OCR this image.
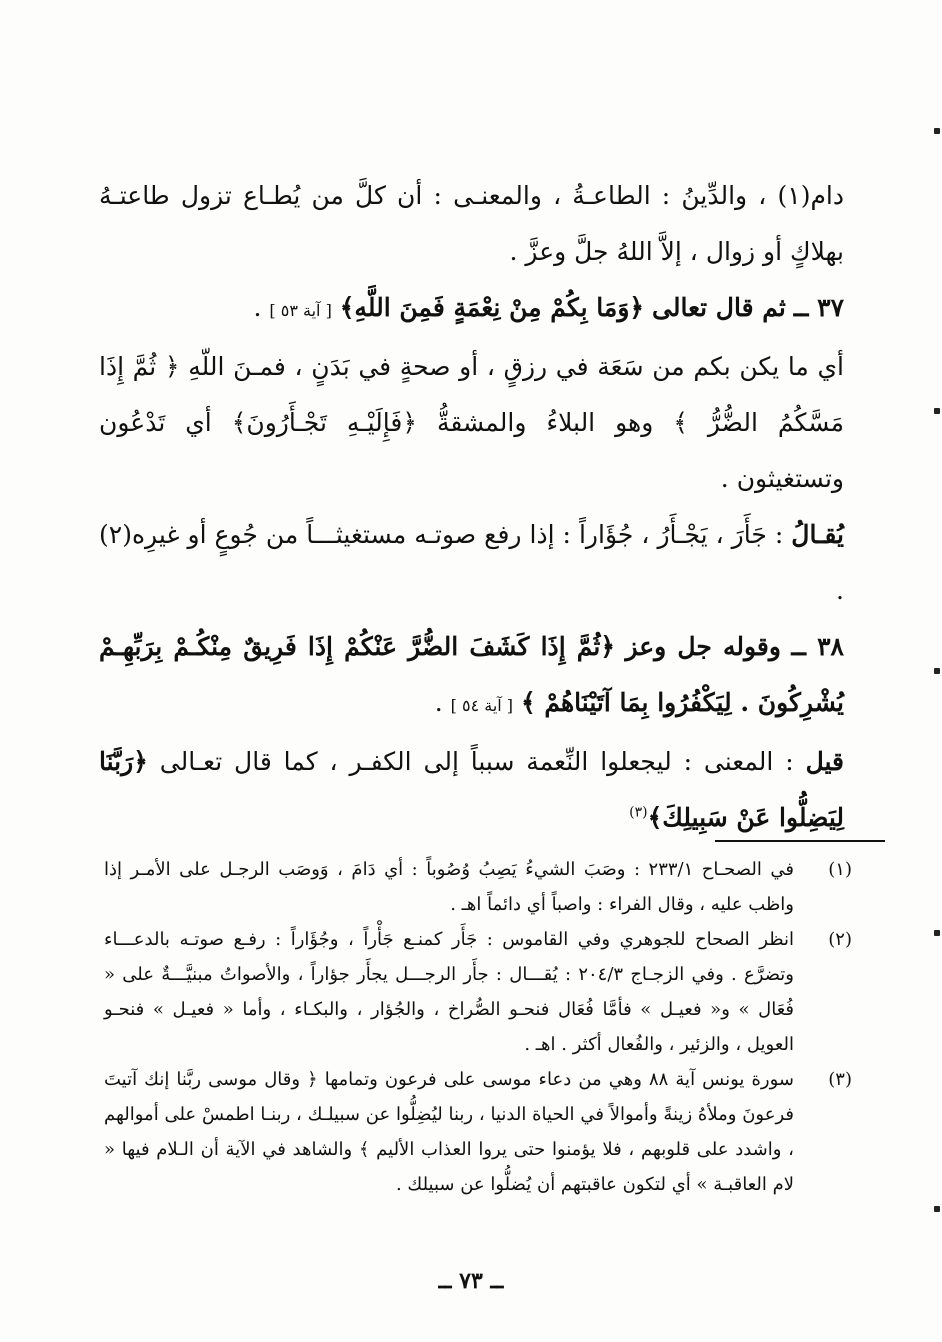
دام(١) ، والدِّينُ : الطاعـةُ ، والمعنـى : أن كلَّ من يُطـاع تزول طاعتـهُ بهلاكٍ أو زوال ، إلاَّ اللهُ جلَّ وعزَّ .

٣٧ ــ ثم قال تعالى ﴿وَمَا بِكُمْ مِنْ نِعْمَةٍ فَمِنَ اللَّهِ﴾ [ آية ٥٣ ] .

أي ما يكن بكم من سَعَة في رزقٍ ، أو صحةٍ في بَدَنٍ ، فمـنَ اللّهِ ﴿ ثُمَّ إِذَا مَسَّكُمُ الضُّرُّ ﴾ وهو البلاءُ والمشقةُّ ﴿فَإِلَيْـهِ تَجْـأَرُونَ﴾ أي تَدْعُون وتستغيثون .

يُقـالُ : جَأَرَ ، يَجْـأَرُ ، جُؤَاراً : إذا رفع صوتـه مستغيثـــاً من جُوعٍ أو غيرِه(٢) .

٣٨ ــ وقوله جل وعز ﴿ثُمَّ إِذَا كَشَفَ الضُّرَّ عَنْكُمْ إِذَا فَرِيقٌ مِنْكُـمْ بِرَبِّهِـمْ يُشْرِكُونَ . لِيَكْفُرُوا بِمَا آتَيْنَاهُمْ ﴾ [ آية ٥٤ ] .

قيل : المعنى : ليجعلوا النِّعمة سبباً إلى الكفـر ، كما قال تعـالى ﴿رَبَّنَا لِيَضِلُّوا عَنْ سَبِيلِكَ﴾$^{(٣)}$

(١)
في الصحـاح ٢٣٣/١ : وصَبَ الشيءُ يَصِبُ وُصُوباً : أي دَامَ ، وَوصَب الرجـل على الأمـر إذا واظب عليه ، وقال الفراء : واصباً أي دائماً اهـ .
(٢)
انظر الصحاح للجوهري وفي القاموس : جَأَر كمنـع جَأْراً ، وجُؤَاراً : رفـع صوتـه بالدعـــاء وتضرَّع . وفي الزجـاج ٢٠٤/٣ : يُقـــال : جأَر الرجـــل يجأَر جؤاراً ، والأصواتُ مبنيَّـــةٌ على « فُعَال » و« فعيـل » فأمَّا فُعَال فنحـو الصُّراخ ، والجُؤار ، والبكـاء ، وأما « فعيـل » فنحـو العويل ، والزئير ، والفُعال أكثر . اهـ .
(٣)
سورة يونس آية ٨٨ وهي من دعاء موسى على فرعون وتمامها ﴿ وقال موسى ربَّنا إنك آتيتَ فرعونَ وملأهُ زينةً وأموالاً في الحياة الدنيا ، ربنا ليُضِلُّوا عن سبيلـك ، ربنـا اطمسْ على أموالهم ، واشدد على قلوبهم ، فلا يؤمنوا حتى يروا العذاب الأليم ﴾ والشاهد في الآية أن الـلام فيها « لام العاقبـة » أي لتكون عاقبتهم أن يُضلُّوا عن سبيلك .
ــ ٧٣ ــ
